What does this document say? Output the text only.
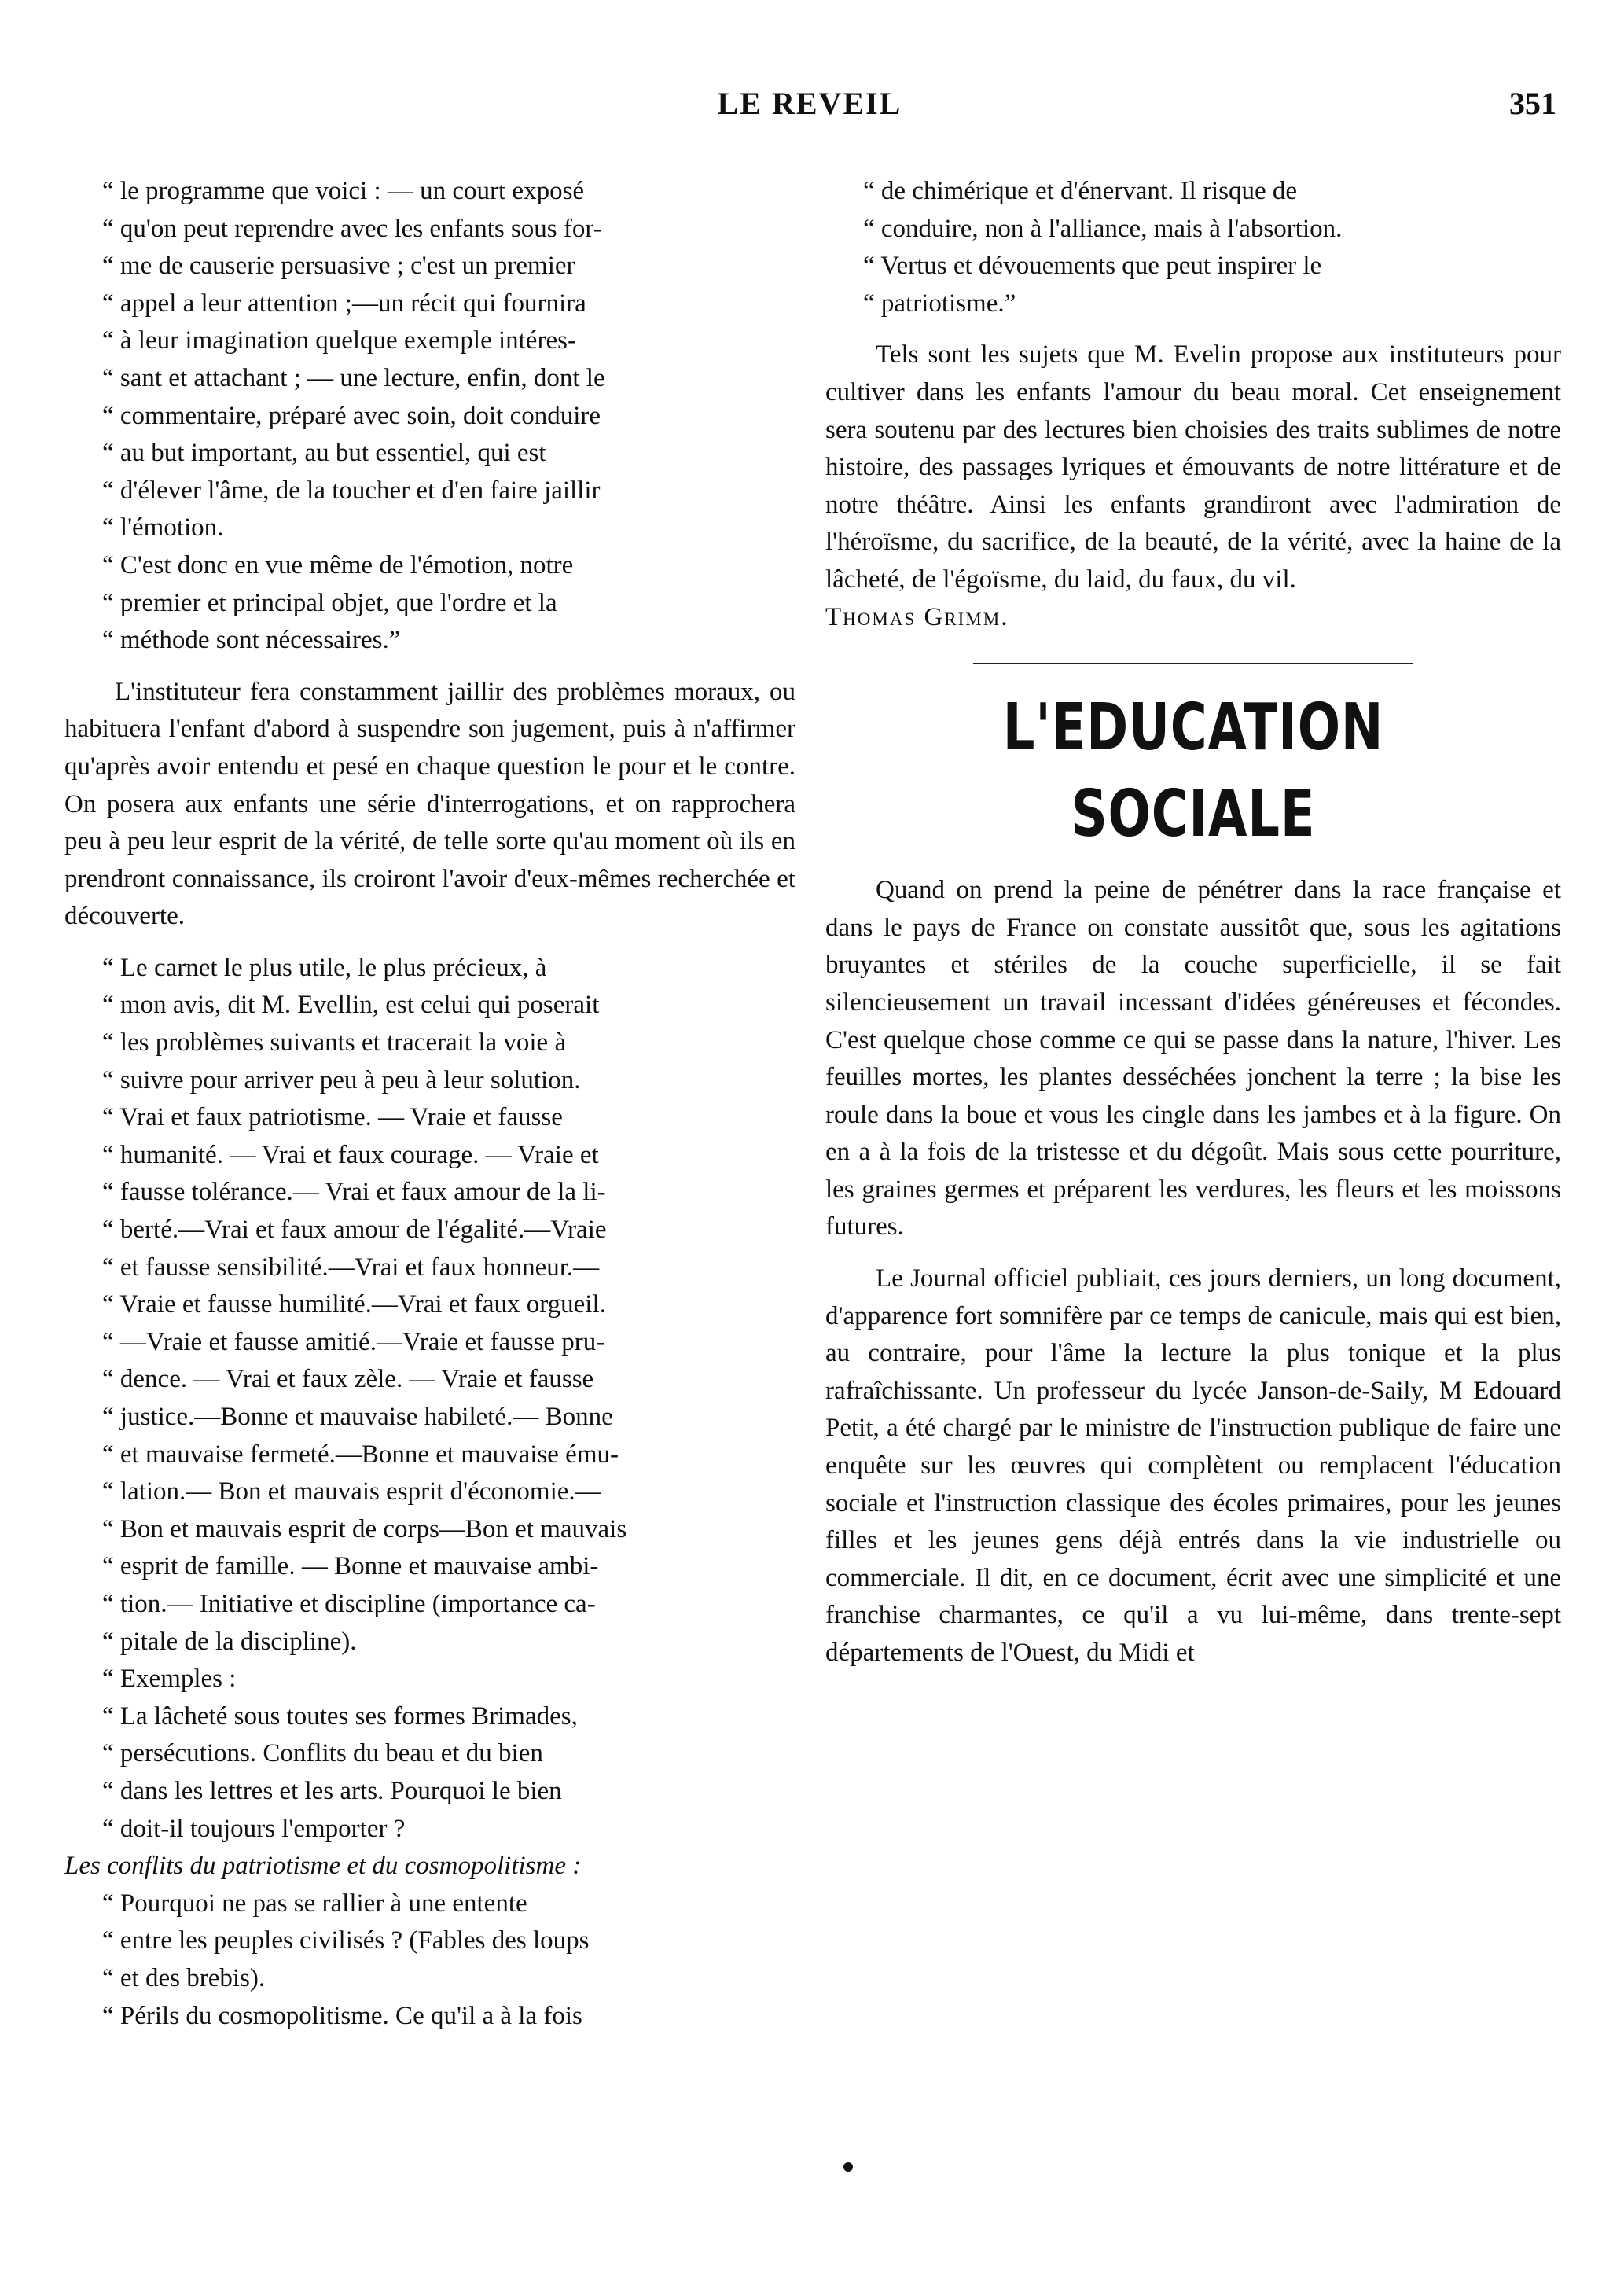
LE REVEIL	351

“ le programme que voici : — un court exposé
“ qu'on peut reprendre avec les enfants sous for-
“ me de causerie persuasive ; c'est un premier
“ appel a leur attention ;—un récit qui fournira
“ à leur imagination quelque exemple intéres-
“ sant et attachant ; — une lecture, enfin, dont le
“ commentaire, préparé avec soin, doit conduire
“ au but important, au but essentiel, qui est
“ d'élever l'âme, de la toucher et d'en faire jaillir
“ l'émotion.

“ C'est donc en vue même de l'émotion, notre
“ premier et principal objet, que l'ordre et la
“ méthode sont nécessaires.”

L'instituteur fera constamment jaillir des problèmes moraux, ou habituera l'enfant d'abord à suspendre son jugement, puis à n'affirmer qu'après avoir entendu et pesé en chaque question le pour et le contre. On posera aux enfants une série d'interrogations, et on rapprochera peu à peu leur esprit de la vérité, de telle sorte qu'au moment où ils en prendront connaissance, ils croiront l'avoir d'eux-mêmes recherchée et découverte.

“ Le carnet le plus utile, le plus précieux, à
“ mon avis, dit M. Evellin, est celui qui poserait
“ les problèmes suivants et tracerait la voie à
“ suivre pour arriver peu à peu à leur solution.

“ Vrai et faux patriotisme. — Vraie et fausse
“ humanité. — Vrai et faux courage. — Vraie et
“ fausse tolérance.— Vrai et faux amour de la li-
“ berté.—Vrai et faux amour de l'égalité.—Vraie
“ et fausse sensibilité.—Vrai et faux honneur.—
“ Vraie et fausse humilité.—Vrai et faux orgueil.
“ —Vraie et fausse amitié.—Vraie et fausse pru-
“ dence. — Vrai et faux zèle. — Vraie et fausse
“ justice.—Bonne et mauvaise habileté.— Bonne
“ et mauvaise fermeté.—Bonne et mauvaise ému-
“ lation.— Bon et mauvais esprit d'économie.—
“ Bon et mauvais esprit de corps—Bon et mauvais
“ esprit de famille. — Bonne et mauvaise ambi-
“ tion.— Initiative et discipline (importance ca-
“ pitale de la discipline).

“ Exemples :

“ La lâcheté sous toutes ses formes Brimades,
“ persécutions. Conflits du beau et du bien
“ dans les lettres et les arts. Pourquoi le bien
“ doit-il toujours l'emporter ?

Les conflits du patriotisme et du cosmopolitisme :

“ Pourquoi ne pas se rallier à une entente
“ entre les peuples civilisés ? (Fables des loups
“ et des brebis).

“ Périls du cosmopolitisme. Ce qu'il a à la fois

“ de chimérique et d'énervant. Il risque de
“ conduire, non à l'alliance, mais à l'absortion.

“ Vertus et dévouements que peut inspirer le
“ patriotisme.”

Tels sont les sujets que M. Evelin propose aux instituteurs pour cultiver dans les enfants l'amour du beau moral. Cet enseignement sera soutenu par des lectures bien choisies des traits sublimes de notre histoire, des passages lyriques et émouvants de notre littérature et de notre théâtre. Ainsi les enfants grandiront avec l'admiration de l'héroïsme, du sacrifice, de la beauté, de la vérité, avec la haine de la lâcheté, de l'égoïsme, du laid, du faux, du vil.

Thomas Grimm.

L'EDUCATION SOCIALE

Quand on prend la peine de pénétrer dans la race française et dans le pays de France on constate aussitôt que, sous les agitations bruyantes et stériles de la couche superficielle, il se fait silencieusement un travail incessant d'idées généreuses et fécondes. C'est quelque chose comme ce qui se passe dans la nature, l'hiver. Les feuilles mortes, les plantes desséchées jonchent la terre ; la bise les roule dans la boue et vous les cingle dans les jambes et à la figure. On en a à la fois de la tristesse et du dégoût. Mais sous cette pourriture, les graines germes et préparent les verdures, les fleurs et les moissons futures.

Le Journal officiel publiait, ces jours derniers, un long document, d'apparence fort somnifère par ce temps de canicule, mais qui est bien, au contraire, pour l'âme la lecture la plus tonique et la plus rafraîchissante. Un professeur du lycée Janson-de-Saily, M Edouard Petit, a été chargé par le ministre de l'instruction publique de faire une enquête sur les œuvres qui complètent ou remplacent l'éducation sociale et l'instruction classique des écoles primaires, pour les jeunes filles et les jeunes gens déjà entrés dans la vie industrielle ou commerciale. Il dit, en ce document, écrit avec une simplicité et une franchise charmantes, ce qu'il a vu lui-même, dans trente-sept départements de l'Ouest, du Midi et
